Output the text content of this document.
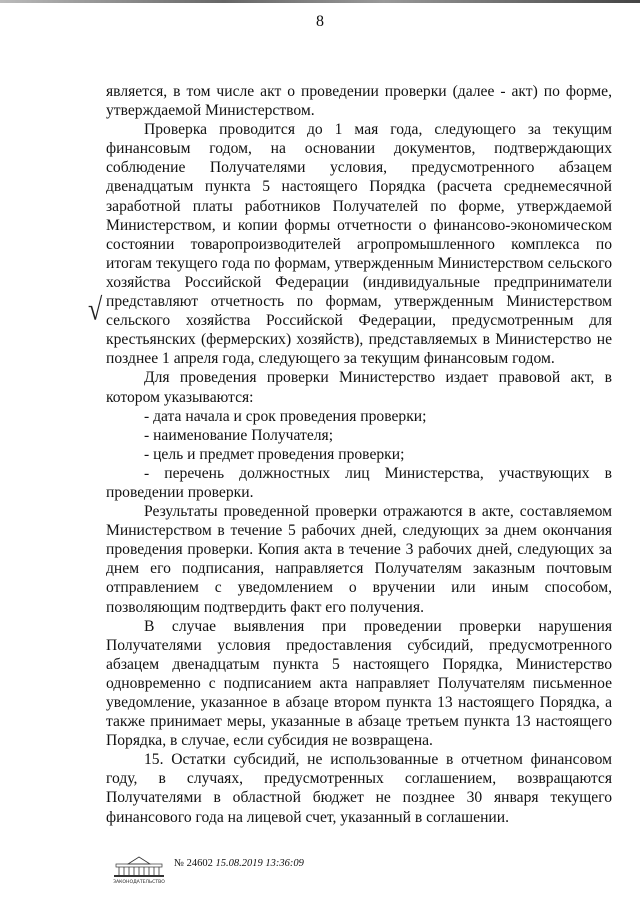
8
√

является, в том числе акт о проведении проверки (далее - акт) по форме, утверждаемой Министерством.

Проверка проводится до 1 мая года, следующего за текущим финансовым годом, на основании документов, подтверждающих соблюдение Получателями условия, предусмотренного абзацем двенадцатым пункта 5 настоящего Порядка (расчета среднемесячной заработной платы работников Получателей по форме, утверждаемой Министерством, и копии формы отчетности о финансово-экономическом состоянии товаропроизводителей агропромышленного комплекса по итогам текущего года по формам, утвержденным Министерством сельского хозяйства Российской Федерации (индивидуальные предприниматели представляют отчетность по формам, утвержденным Министерством сельского хозяйства Российской Федерации, предусмотренным для крестьянских (фермерских) хозяйств), представляемых в Министерство не позднее 1 апреля года, следующего за текущим финансовым годом.

Для проведения проверки Министерство издает правовой акт, в котором указываются:

- дата начала и срок проведения проверки;

- наименование Получателя;

- цель и предмет проведения проверки;

- перечень должностных лиц Министерства, участвующих в проведении проверки.

Результаты проведенной проверки отражаются в акте, составляемом Министерством в течение 5 рабочих дней, следующих за днем окончания проведения проверки. Копия акта в течение 3 рабочих дней, следующих за днем его подписания, направляется Получателям заказным почтовым отправлением с уведомлением о вручении или иным способом, позволяющим подтвердить факт его получения.

В случае выявления при проведении проверки нарушения Получателями условия предоставления субсидий, предусмотренного абзацем двенадцатым пункта 5 настоящего Порядка, Министерство одновременно с подписанием акта направляет Получателям письменное уведомление, указанное в абзаце втором пункта 13 настоящего Порядка, а также принимает меры, указанные в абзаце третьем пункта 13 настоящего Порядка, в случае, если субсидия не возвращена.

15. Остатки субсидий, не использованные в отчетном финансовом году, в случаях, предусмотренных соглашением, возвращаются Получателями в областной бюджет не позднее 30 января текущего финансового года на лицевой счет, указанный в соглашении.

ЗАКОНОДАТЕЛЬСТВО
№ 24602 15.08.2019 13:36:09
